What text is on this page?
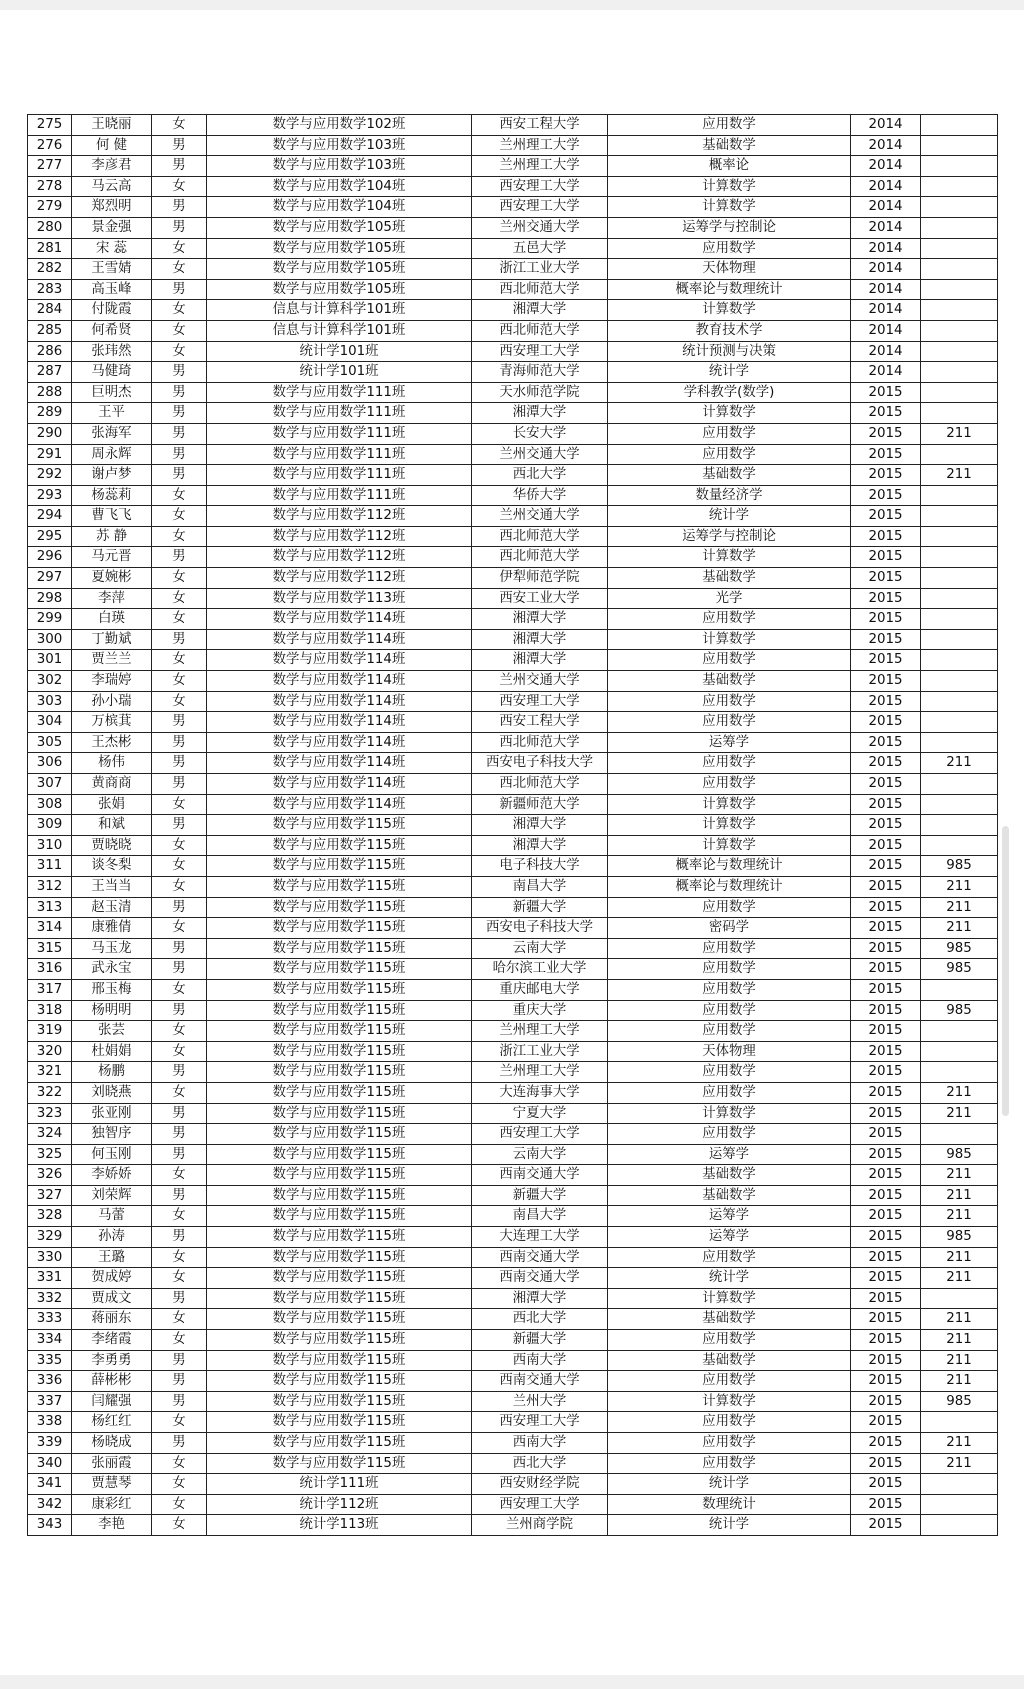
275	王晓丽	女	数学与应用数学102班	西安工程大学	应用数学	2014	
276	何 健	男	数学与应用数学103班	兰州理工大学	基础数学	2014	
277	李彦君	男	数学与应用数学103班	兰州理工大学	概率论	2014	
278	马云高	女	数学与应用数学104班	西安理工大学	计算数学	2014	
279	郑烈明	男	数学与应用数学104班	西安理工大学	计算数学	2014	
280	景金强	男	数学与应用数学105班	兰州交通大学	运筹学与控制论	2014	
281	宋 蕊	女	数学与应用数学105班	五邑大学	应用数学	2014	
282	王雪婧	女	数学与应用数学105班	浙江工业大学	天体物理	2014	
283	高玉峰	男	数学与应用数学105班	西北师范大学	概率论与数理统计	2014	
284	付陇霞	女	信息与计算科学101班	湘潭大学	计算数学	2014	
285	何希贤	女	信息与计算科学101班	西北师范大学	教育技术学	2014	
286	张玮然	女	统计学101班	西安理工大学	统计预测与决策	2014	
287	马健琦	男	统计学101班	青海师范大学	统计学	2014	
288	巨明杰	男	数学与应用数学111班	天水师范学院	学科教学(数学)	2015	
289	王平	男	数学与应用数学111班	湘潭大学	计算数学	2015	
290	张海军	男	数学与应用数学111班	长安大学	应用数学	2015	211
291	周永辉	男	数学与应用数学111班	兰州交通大学	应用数学	2015	
292	谢卢梦	男	数学与应用数学111班	西北大学	基础数学	2015	211
293	杨蕊莉	女	数学与应用数学111班	华侨大学	数量经济学	2015	
294	曹飞飞	女	数学与应用数学112班	兰州交通大学	统计学	2015	
295	苏 静	女	数学与应用数学112班	西北师范大学	运筹学与控制论	2015	
296	马元晋	男	数学与应用数学112班	西北师范大学	计算数学	2015	
297	夏婉彬	女	数学与应用数学112班	伊犁师范学院	基础数学	2015	
298	李萍	女	数学与应用数学113班	西安工业大学	光学	2015	
299	白瑛	女	数学与应用数学114班	湘潭大学	应用数学	2015	
300	丁勤斌	男	数学与应用数学114班	湘潭大学	计算数学	2015	
301	贾兰兰	女	数学与应用数学114班	湘潭大学	应用数学	2015	
302	李瑞婷	女	数学与应用数学114班	兰州交通大学	基础数学	2015	
303	孙小瑞	女	数学与应用数学114班	西安理工大学	应用数学	2015	
304	万槟萁	男	数学与应用数学114班	西安工程大学	应用数学	2015	
305	王杰彬	男	数学与应用数学114班	西北师范大学	运筹学	2015	
306	杨伟	男	数学与应用数学114班	西安电子科技大学	应用数学	2015	211
307	黄商商	男	数学与应用数学114班	西北师范大学	应用数学	2015	
308	张娟	女	数学与应用数学114班	新疆师范大学	计算数学	2015	
309	和斌	男	数学与应用数学115班	湘潭大学	计算数学	2015	
310	贾晓晓	女	数学与应用数学115班	湘潭大学	计算数学	2015	
311	谈冬梨	女	数学与应用数学115班	电子科技大学	概率论与数理统计	2015	985
312	王当当	女	数学与应用数学115班	南昌大学	概率论与数理统计	2015	211
313	赵玉清	男	数学与应用数学115班	新疆大学	应用数学	2015	211
314	康雅倩	女	数学与应用数学115班	西安电子科技大学	密码学	2015	211
315	马玉龙	男	数学与应用数学115班	云南大学	应用数学	2015	985
316	武永宝	男	数学与应用数学115班	哈尔滨工业大学	应用数学	2015	985
317	邢玉梅	女	数学与应用数学115班	重庆邮电大学	应用数学	2015	
318	杨明明	男	数学与应用数学115班	重庆大学	应用数学	2015	985
319	张芸	女	数学与应用数学115班	兰州理工大学	应用数学	2015	
320	杜娟娟	女	数学与应用数学115班	浙江工业大学	天体物理	2015	
321	杨鹏	男	数学与应用数学115班	兰州理工大学	应用数学	2015	
322	刘晓燕	女	数学与应用数学115班	大连海事大学	应用数学	2015	211
323	张亚刚	男	数学与应用数学115班	宁夏大学	计算数学	2015	211
324	独智序	男	数学与应用数学115班	西安理工大学	应用数学	2015	
325	何玉刚	男	数学与应用数学115班	云南大学	运筹学	2015	985
326	李娇娇	女	数学与应用数学115班	西南交通大学	基础数学	2015	211
327	刘荣辉	男	数学与应用数学115班	新疆大学	基础数学	2015	211
328	马蕾	女	数学与应用数学115班	南昌大学	运筹学	2015	211
329	孙涛	男	数学与应用数学115班	大连理工大学	运筹学	2015	985
330	王璐	女	数学与应用数学115班	西南交通大学	应用数学	2015	211
331	贺成婷	女	数学与应用数学115班	西南交通大学	统计学	2015	211
332	贾成文	男	数学与应用数学115班	湘潭大学	计算数学	2015	
333	蒋丽东	女	数学与应用数学115班	西北大学	基础数学	2015	211
334	李绪霞	女	数学与应用数学115班	新疆大学	应用数学	2015	211
335	李勇勇	男	数学与应用数学115班	西南大学	基础数学	2015	211
336	薛彬彬	男	数学与应用数学115班	西南交通大学	应用数学	2015	211
337	闫耀强	男	数学与应用数学115班	兰州大学	计算数学	2015	985
338	杨红红	女	数学与应用数学115班	西安理工大学	应用数学	2015	
339	杨晓成	男	数学与应用数学115班	西南大学	应用数学	2015	211
340	张丽霞	女	数学与应用数学115班	西北大学	应用数学	2015	211
341	贾慧琴	女	统计学111班	西安财经学院	统计学	2015	
342	康彩红	女	统计学112班	西安理工大学	数理统计	2015	
343	李艳	女	统计学113班	兰州商学院	统计学	2015	
